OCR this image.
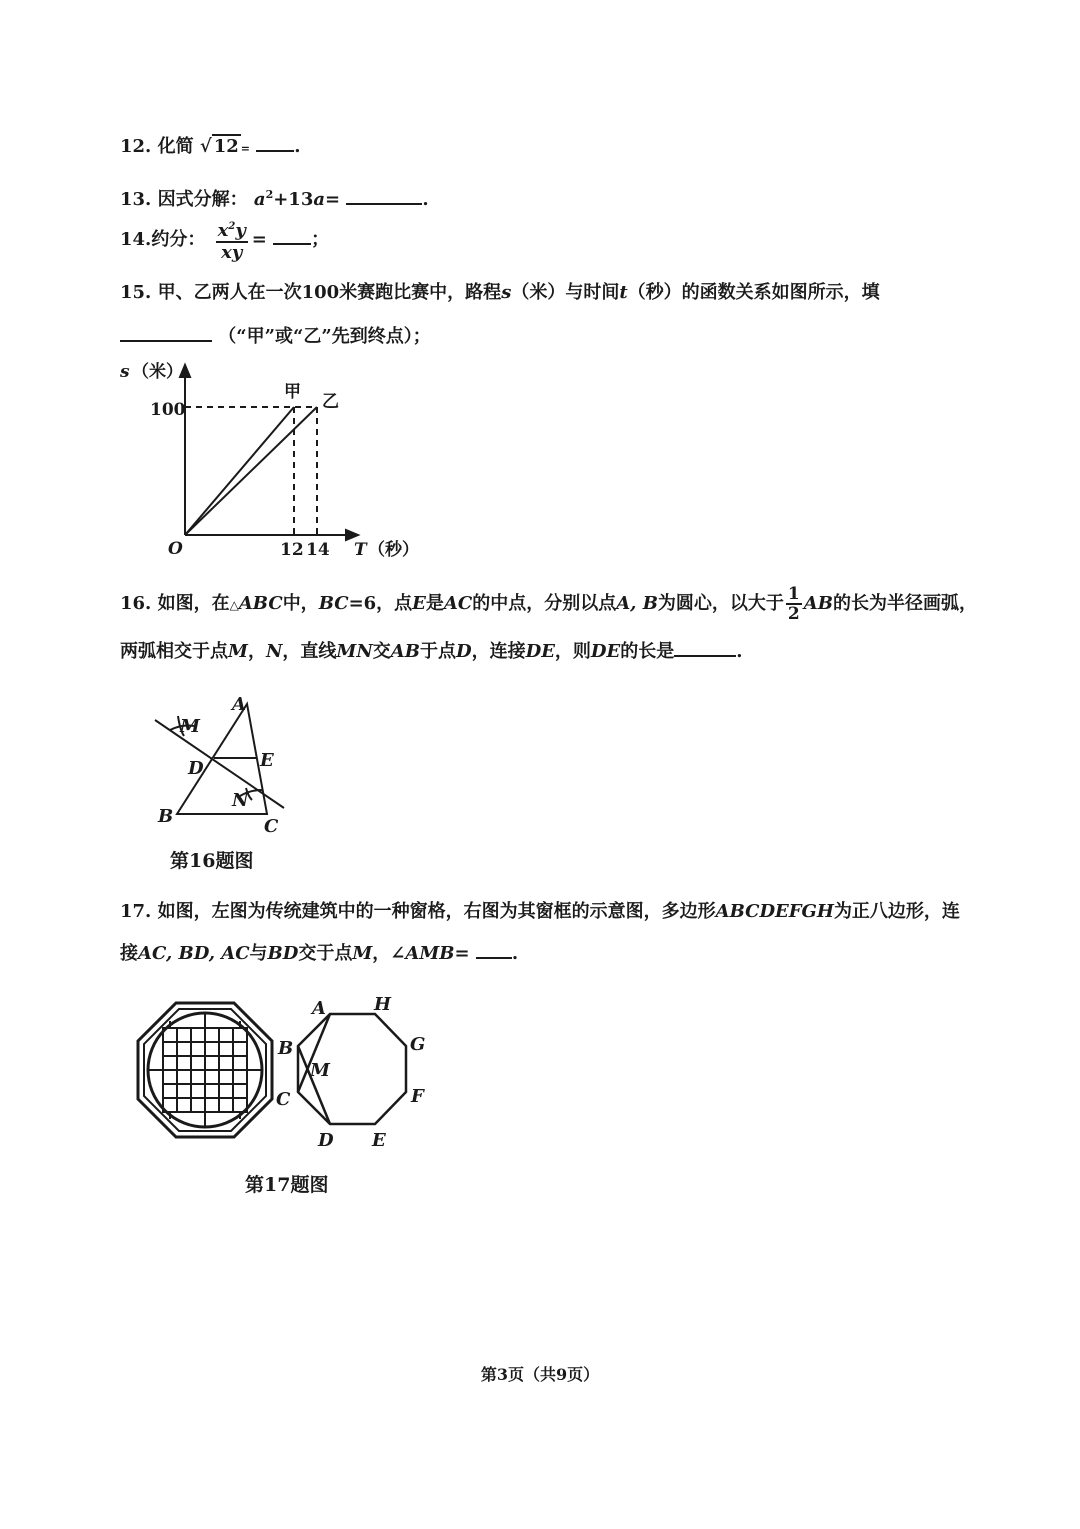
12. 化简 √ 12 = .
13. 因式分解： $a^2+13a=$	.
14.约分： $\frac{x^2y}{xy}$ = ；
15. 甲、乙两人在一次100米赛跑比赛中，路程s（米）与时间t（秒）的函数关系如图所示，填
（“甲”或“乙”先到终点）；
s （米）
100
O	12 14 T （秒）
甲 乙
16. 如图，在△ABC中，BC=6，点E是AC的中点，分别以点A, B为圆心，以大于 $\frac{1}{2}$ AB的长为半径画弧，
两弧相交于点M，N，直线MN交AB于点D，连接DE，则DE的长是	.
A
B	C
D	E
M
N
第16题图
17. 如图，左图为传统建筑中的一种窗格，右图为其窗框的示意图，多边形ABCDEFGH为正八边形，连
接AC, BD, AC与BD交于点M，∠AMB= .
A
B
C
D E
F
G
H
M
第17题图
第3页（共9页）
